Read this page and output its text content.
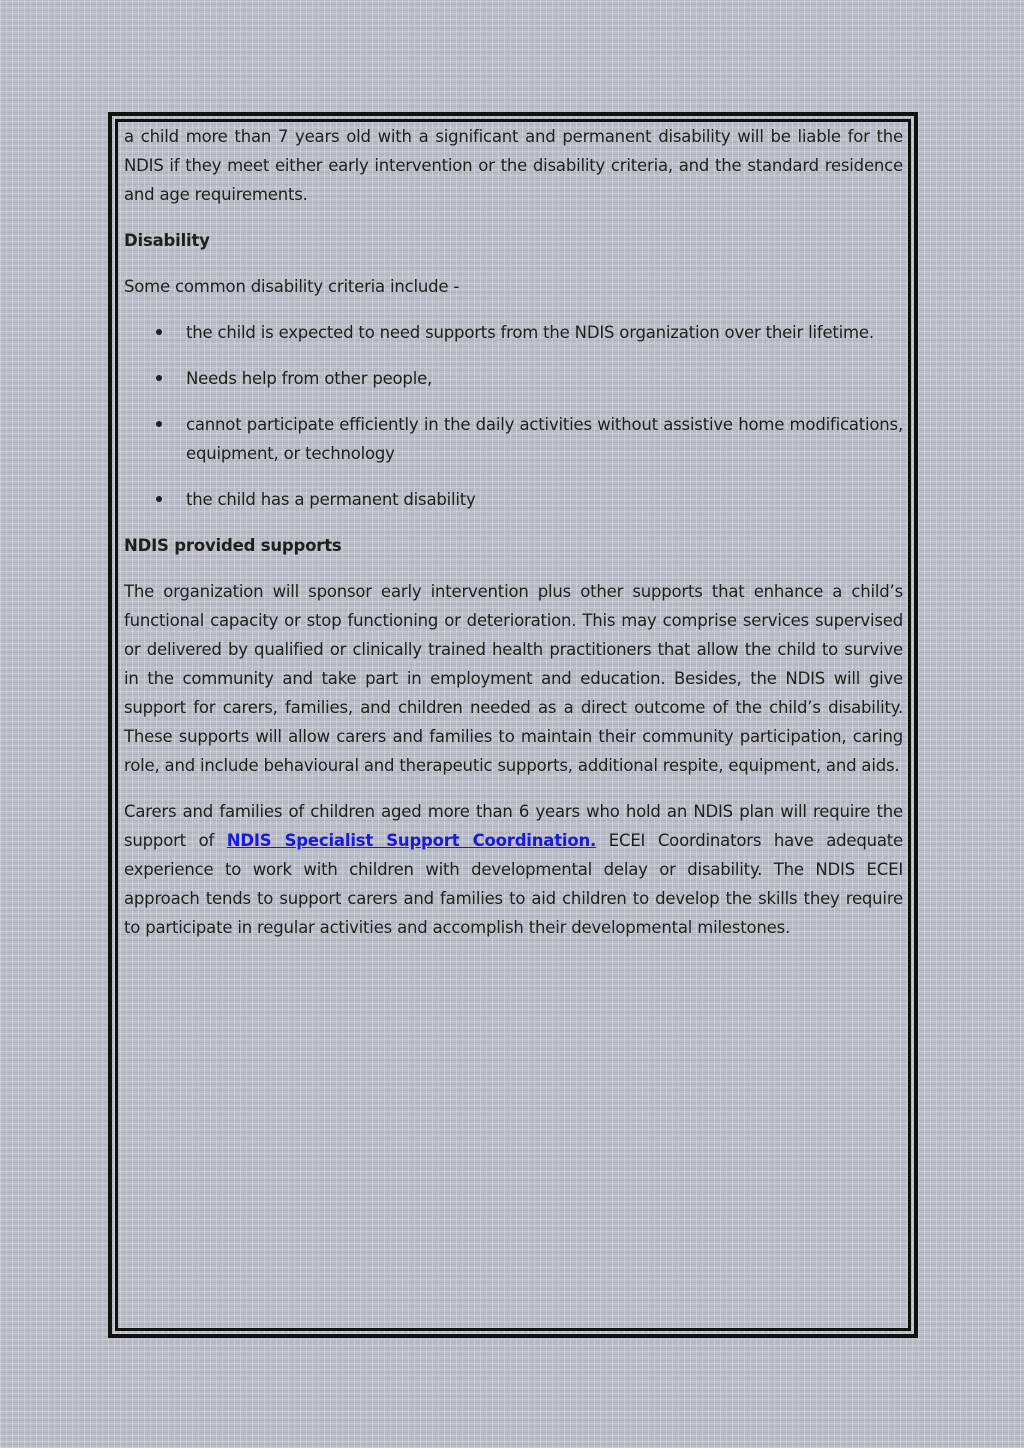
a child more than 7 years old with a significant and permanent disability will be liable for the NDIS if they meet either early intervention or the disability criteria, and the standard residence and age requirements.

Disability

Some common disability criteria include -

the child is expected to need supports from the NDIS organization over their lifetime.
Needs help from other people,
cannot participate efficiently in the daily activities without assistive home modifications, equipment, or technology
the child has a permanent disability

NDIS provided supports

The organization will sponsor early intervention plus other supports that enhance a child’s functional capacity or stop functioning or deterioration. This may comprise services supervised or delivered by qualified or clinically trained health practitioners that allow the child to survive in the community and take part in employment and education. Besides, the NDIS will give support for carers, families, and children needed as a direct outcome of the child’s disability. These supports will allow carers and families to maintain their community participation, caring role, and include behavioural and therapeutic supports, additional respite, equipment, and aids.

Carers and families of children aged more than 6 years who hold an NDIS plan will require the support of NDIS Specialist Support Coordination. ECEI Coordinators have adequate experience to work with children with developmental delay or disability. The NDIS ECEI approach tends to support carers and families to aid children to develop the skills they require to participate in regular activities and accomplish their developmental milestones.
